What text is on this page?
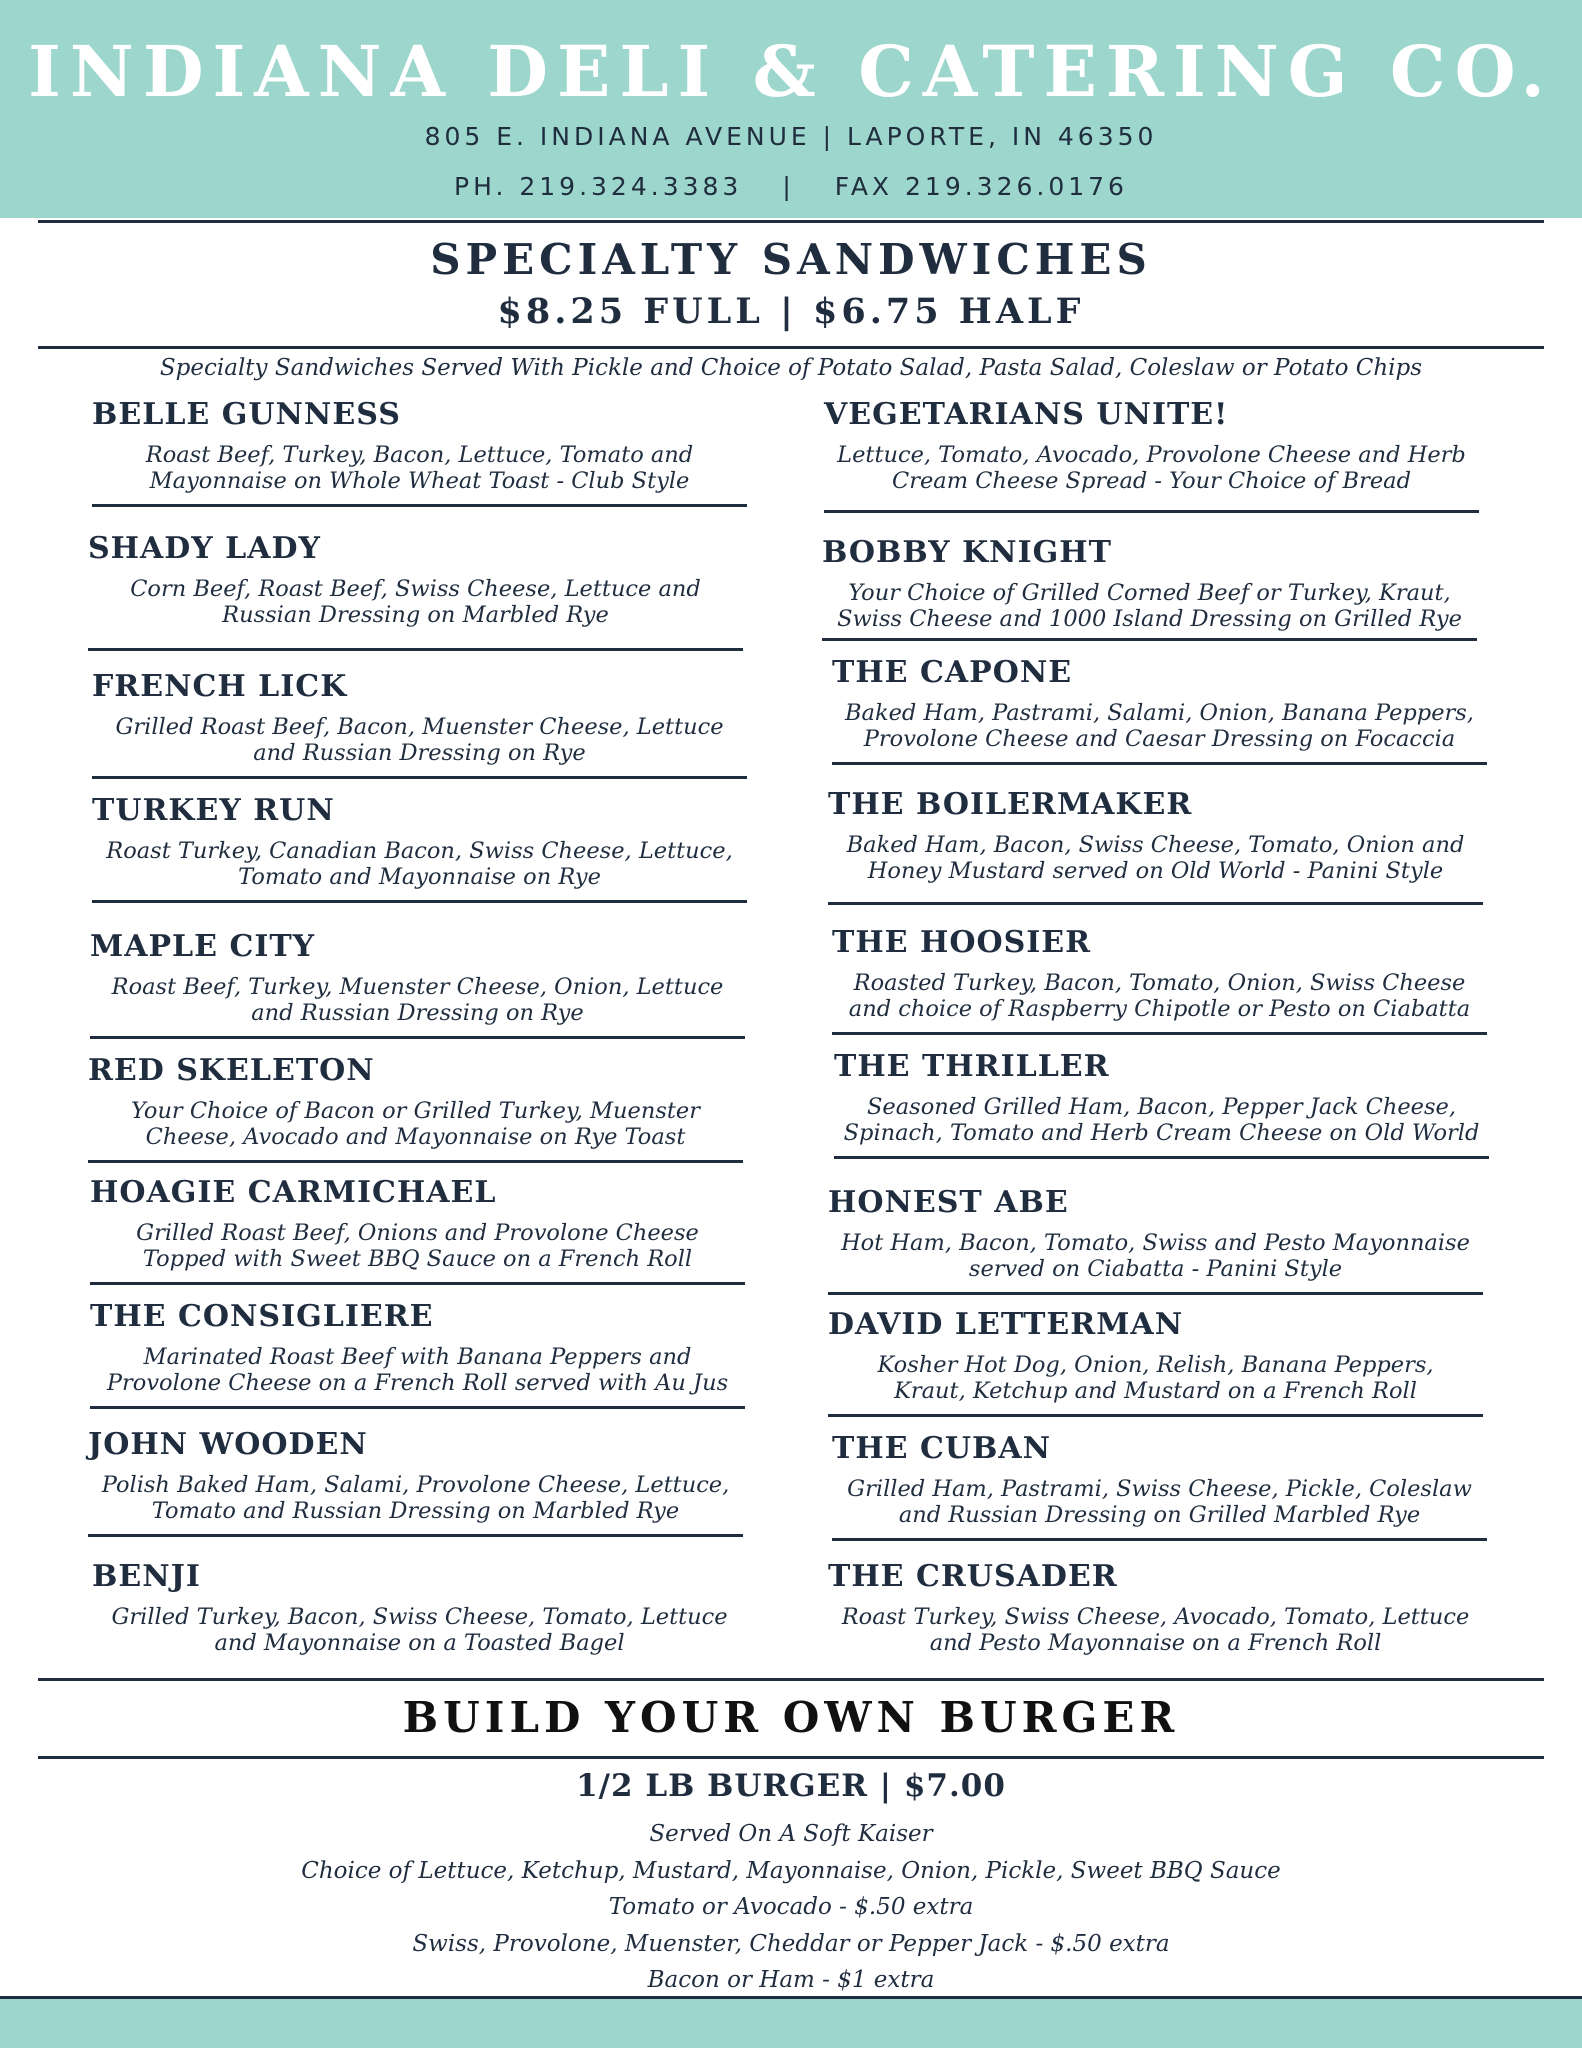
INDIANA DELI & CATERING CO.
805 E. INDIANA AVENUE | LAPORTE, IN 46350
PH. 219.324.3383 | FAX 219.326.0176
SPECIALTY SANDWICHES
$8.25 FULL | $6.75 HALF
Specialty Sandwiches Served With Pickle and Choice of Potato Salad, Pasta Salad, Coleslaw or Potato Chips
BELLE GUNNESS
Roast Beef, Turkey, Bacon, Lettuce, Tomato and
Mayonnaise on Whole Wheat Toast - Club Style
SHADY LADY
Corn Beef, Roast Beef, Swiss Cheese, Lettuce and
Russian Dressing on Marbled Rye
FRENCH LICK
Grilled Roast Beef, Bacon, Muenster Cheese, Lettuce
and Russian Dressing on Rye
TURKEY RUN
Roast Turkey, Canadian Bacon, Swiss Cheese, Lettuce,
Tomato and Mayonnaise on Rye
MAPLE CITY
Roast Beef, Turkey, Muenster Cheese, Onion, Lettuce
and Russian Dressing on Rye
RED SKELETON
Your Choice of Bacon or Grilled Turkey, Muenster
Cheese, Avocado and Mayonnaise on Rye Toast
HOAGIE CARMICHAEL
Grilled Roast Beef, Onions and Provolone Cheese
Topped with Sweet BBQ Sauce on a French Roll
THE CONSIGLIERE
Marinated Roast Beef with Banana Peppers and
Provolone Cheese on a French Roll served with Au Jus
JOHN WOODEN
Polish Baked Ham, Salami, Provolone Cheese, Lettuce,
Tomato and Russian Dressing on Marbled Rye
BENJI
Grilled Turkey, Bacon, Swiss Cheese, Tomato, Lettuce
and Mayonnaise on a Toasted Bagel
VEGETARIANS UNITE!
Lettuce, Tomato, Avocado, Provolone Cheese and Herb
Cream Cheese Spread - Your Choice of Bread
BOBBY KNIGHT
Your Choice of Grilled Corned Beef or Turkey, Kraut,
Swiss Cheese and 1000 Island Dressing on Grilled Rye
THE CAPONE
Baked Ham, Pastrami, Salami, Onion, Banana Peppers,
Provolone Cheese and Caesar Dressing on Focaccia
THE BOILERMAKER
Baked Ham, Bacon, Swiss Cheese, Tomato, Onion and
Honey Mustard served on Old World - Panini Style
THE HOOSIER
Roasted Turkey, Bacon, Tomato, Onion, Swiss Cheese
and choice of Raspberry Chipotle or Pesto on Ciabatta
THE THRILLER
Seasoned Grilled Ham, Bacon, Pepper Jack Cheese,
Spinach, Tomato and Herb Cream Cheese on Old World
HONEST ABE
Hot Ham, Bacon, Tomato, Swiss and Pesto Mayonnaise
served on Ciabatta - Panini Style
DAVID LETTERMAN
Kosher Hot Dog, Onion, Relish, Banana Peppers,
Kraut, Ketchup and Mustard on a French Roll
THE CUBAN
Grilled Ham, Pastrami, Swiss Cheese, Pickle, Coleslaw
and Russian Dressing on Grilled Marbled Rye
THE CRUSADER
Roast Turkey, Swiss Cheese, Avocado, Tomato, Lettuce
and Pesto Mayonnaise on a French Roll
BUILD YOUR OWN BURGER
1/2 LB BURGER | $7.00
Served On A Soft Kaiser
Choice of Lettuce, Ketchup, Mustard, Mayonnaise, Onion, Pickle, Sweet BBQ Sauce
Tomato or Avocado - $.50 extra
Swiss, Provolone, Muenster, Cheddar or Pepper Jack - $.50 extra
Bacon or Ham - $1 extra
